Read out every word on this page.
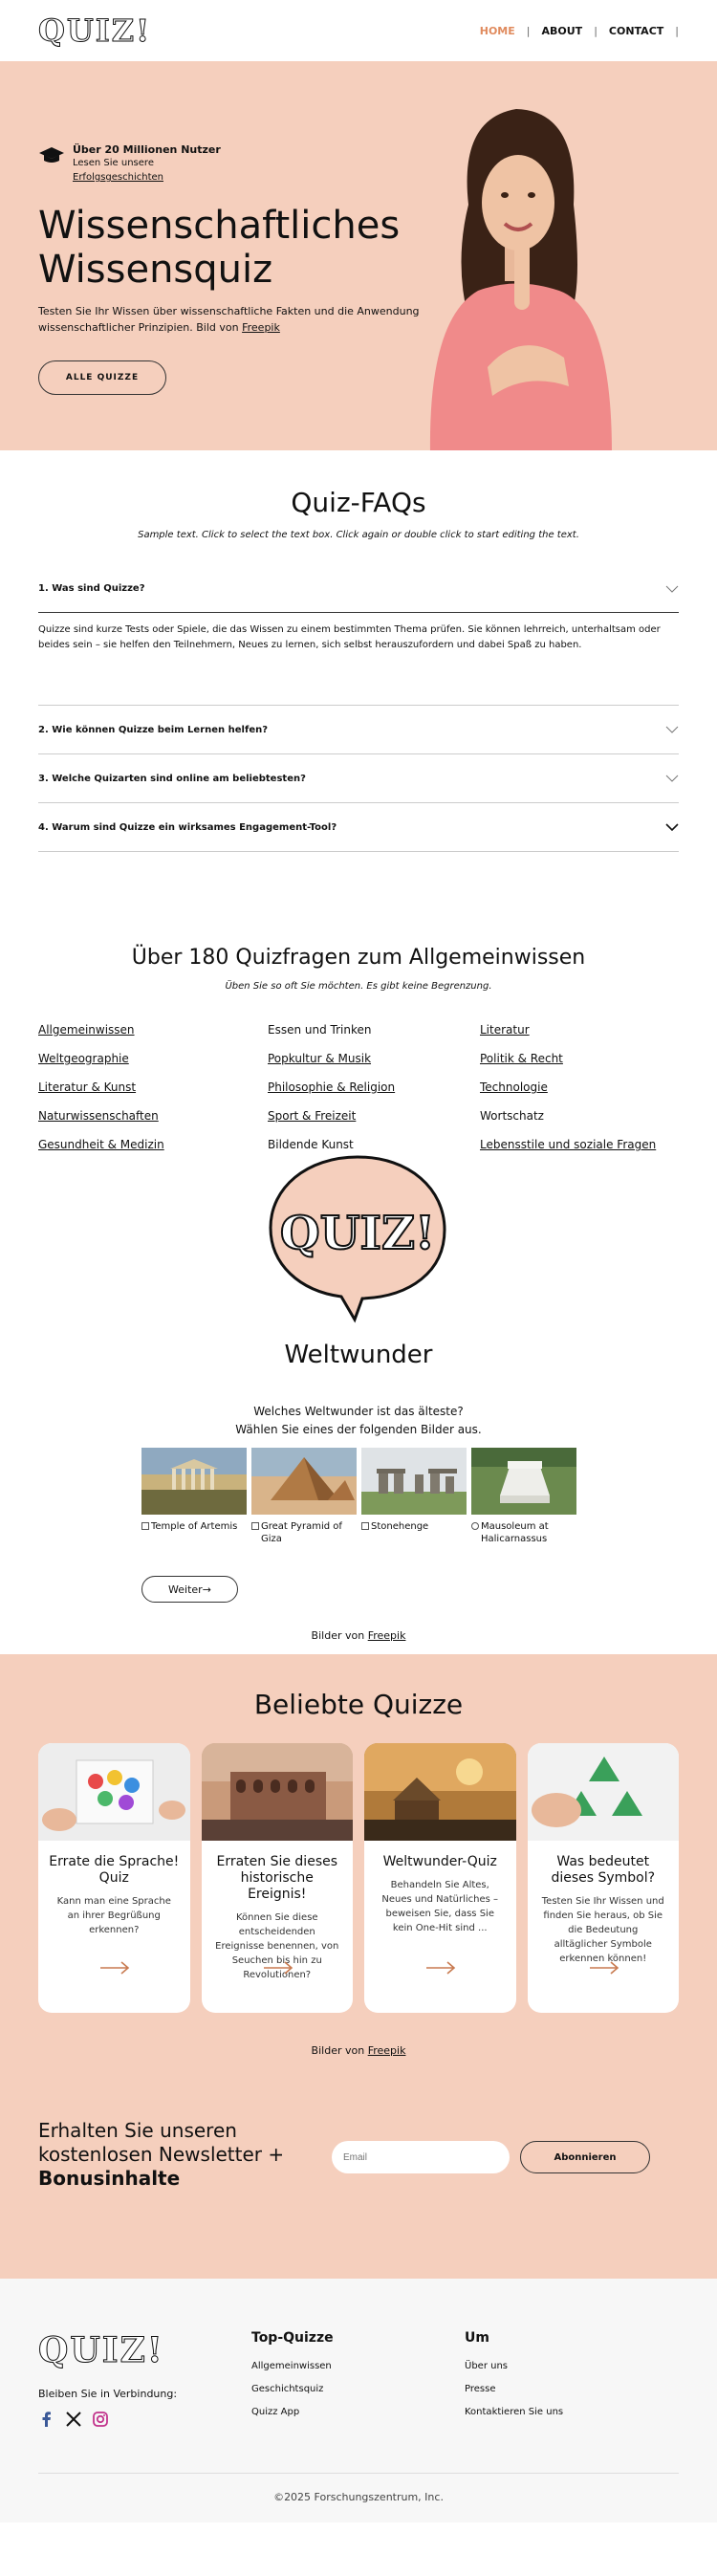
QUIZ!	HOME	|	ABOUT	|	CONTACT	|
Über 20 Millionen Nutzer
Lesen Sie unsere
Erfolgsgeschichten
Wissenschaftliches
Wissensquiz

Testen Sie Ihr Wissen über wissenschaftliche Fakten und die Anwendung wissenschaftlicher Prinzipien. Bild von Freepik

ALLE QUIZZE
Quiz-FAQs
Sample text. Click to select the text box. Click again or double click to start editing the text.
1. Was sind Quizze?
Quizze sind kurze Tests oder Spiele, die das Wissen zu einem bestimmten Thema prüfen. Sie können lehrreich, unterhaltsam oder beides sein – sie helfen den Teilnehmern, Neues zu lernen, sich selbst herauszufordern und dabei Spaß zu haben.
2. Wie können Quizze beim Lernen helfen?
3. Welche Quizarten sind online am beliebtesten?
4. Warum sind Quizze ein wirksames Engagement-Tool?
Über 180 Quizfragen zum Allgemeinwissen
Üben Sie so oft Sie möchten. Es gibt keine Begrenzung.
Allgemeinwissen	Essen und Trinken	Literatur
Weltgeographie	Popkultur & Musik	Politik & Recht
Literatur & Kunst	Philosophie & Religion	Technologie
Naturwissenschaften	Sport & Freizeit	Wortschatz
Gesundheit & Medizin	Bildende Kunst	Lebensstile und soziale Fragen
QUIZ!
Weltwunder
Welches Weltwunder ist das älteste?
Wählen Sie eines der folgenden Bilder aus.
Temple of Artemis Great Pyramid of Giza
Stonehenge	Mausoleum at Halicarnassus
Weiter→
Bilder von Freepik
Beliebte Quizze
Errate die Sprache! Quiz
Kann man eine Sprache an ihrer Begrüßung erkennen?
Erraten Sie dieses historische Ereignis!
Können Sie diese entscheidenden Ereignisse benennen, von Seuchen bis hin zu Revolutionen?
Weltwunder-Quiz
Behandeln Sie Altes, Neues und Natürliches – beweisen Sie, dass Sie kein One-Hit sind ...
Was bedeutet dieses Symbol?
Testen Sie Ihr Wissen und finden Sie heraus, ob Sie die Bedeutung alltäglicher Symbole erkennen können!
Bilder von Freepik
Erhalten Sie unseren
kostenlosen Newsletter +
Bonusinhalte
Email
Abonnieren
QUIZ!
Bleiben Sie in Verbindung:
Top-Quizze
Allgemeinwissen
Geschichtsquiz
Quizz App
Um
Über uns
Presse
Kontaktieren Sie uns
©2025 Forschungszentrum, Inc.
